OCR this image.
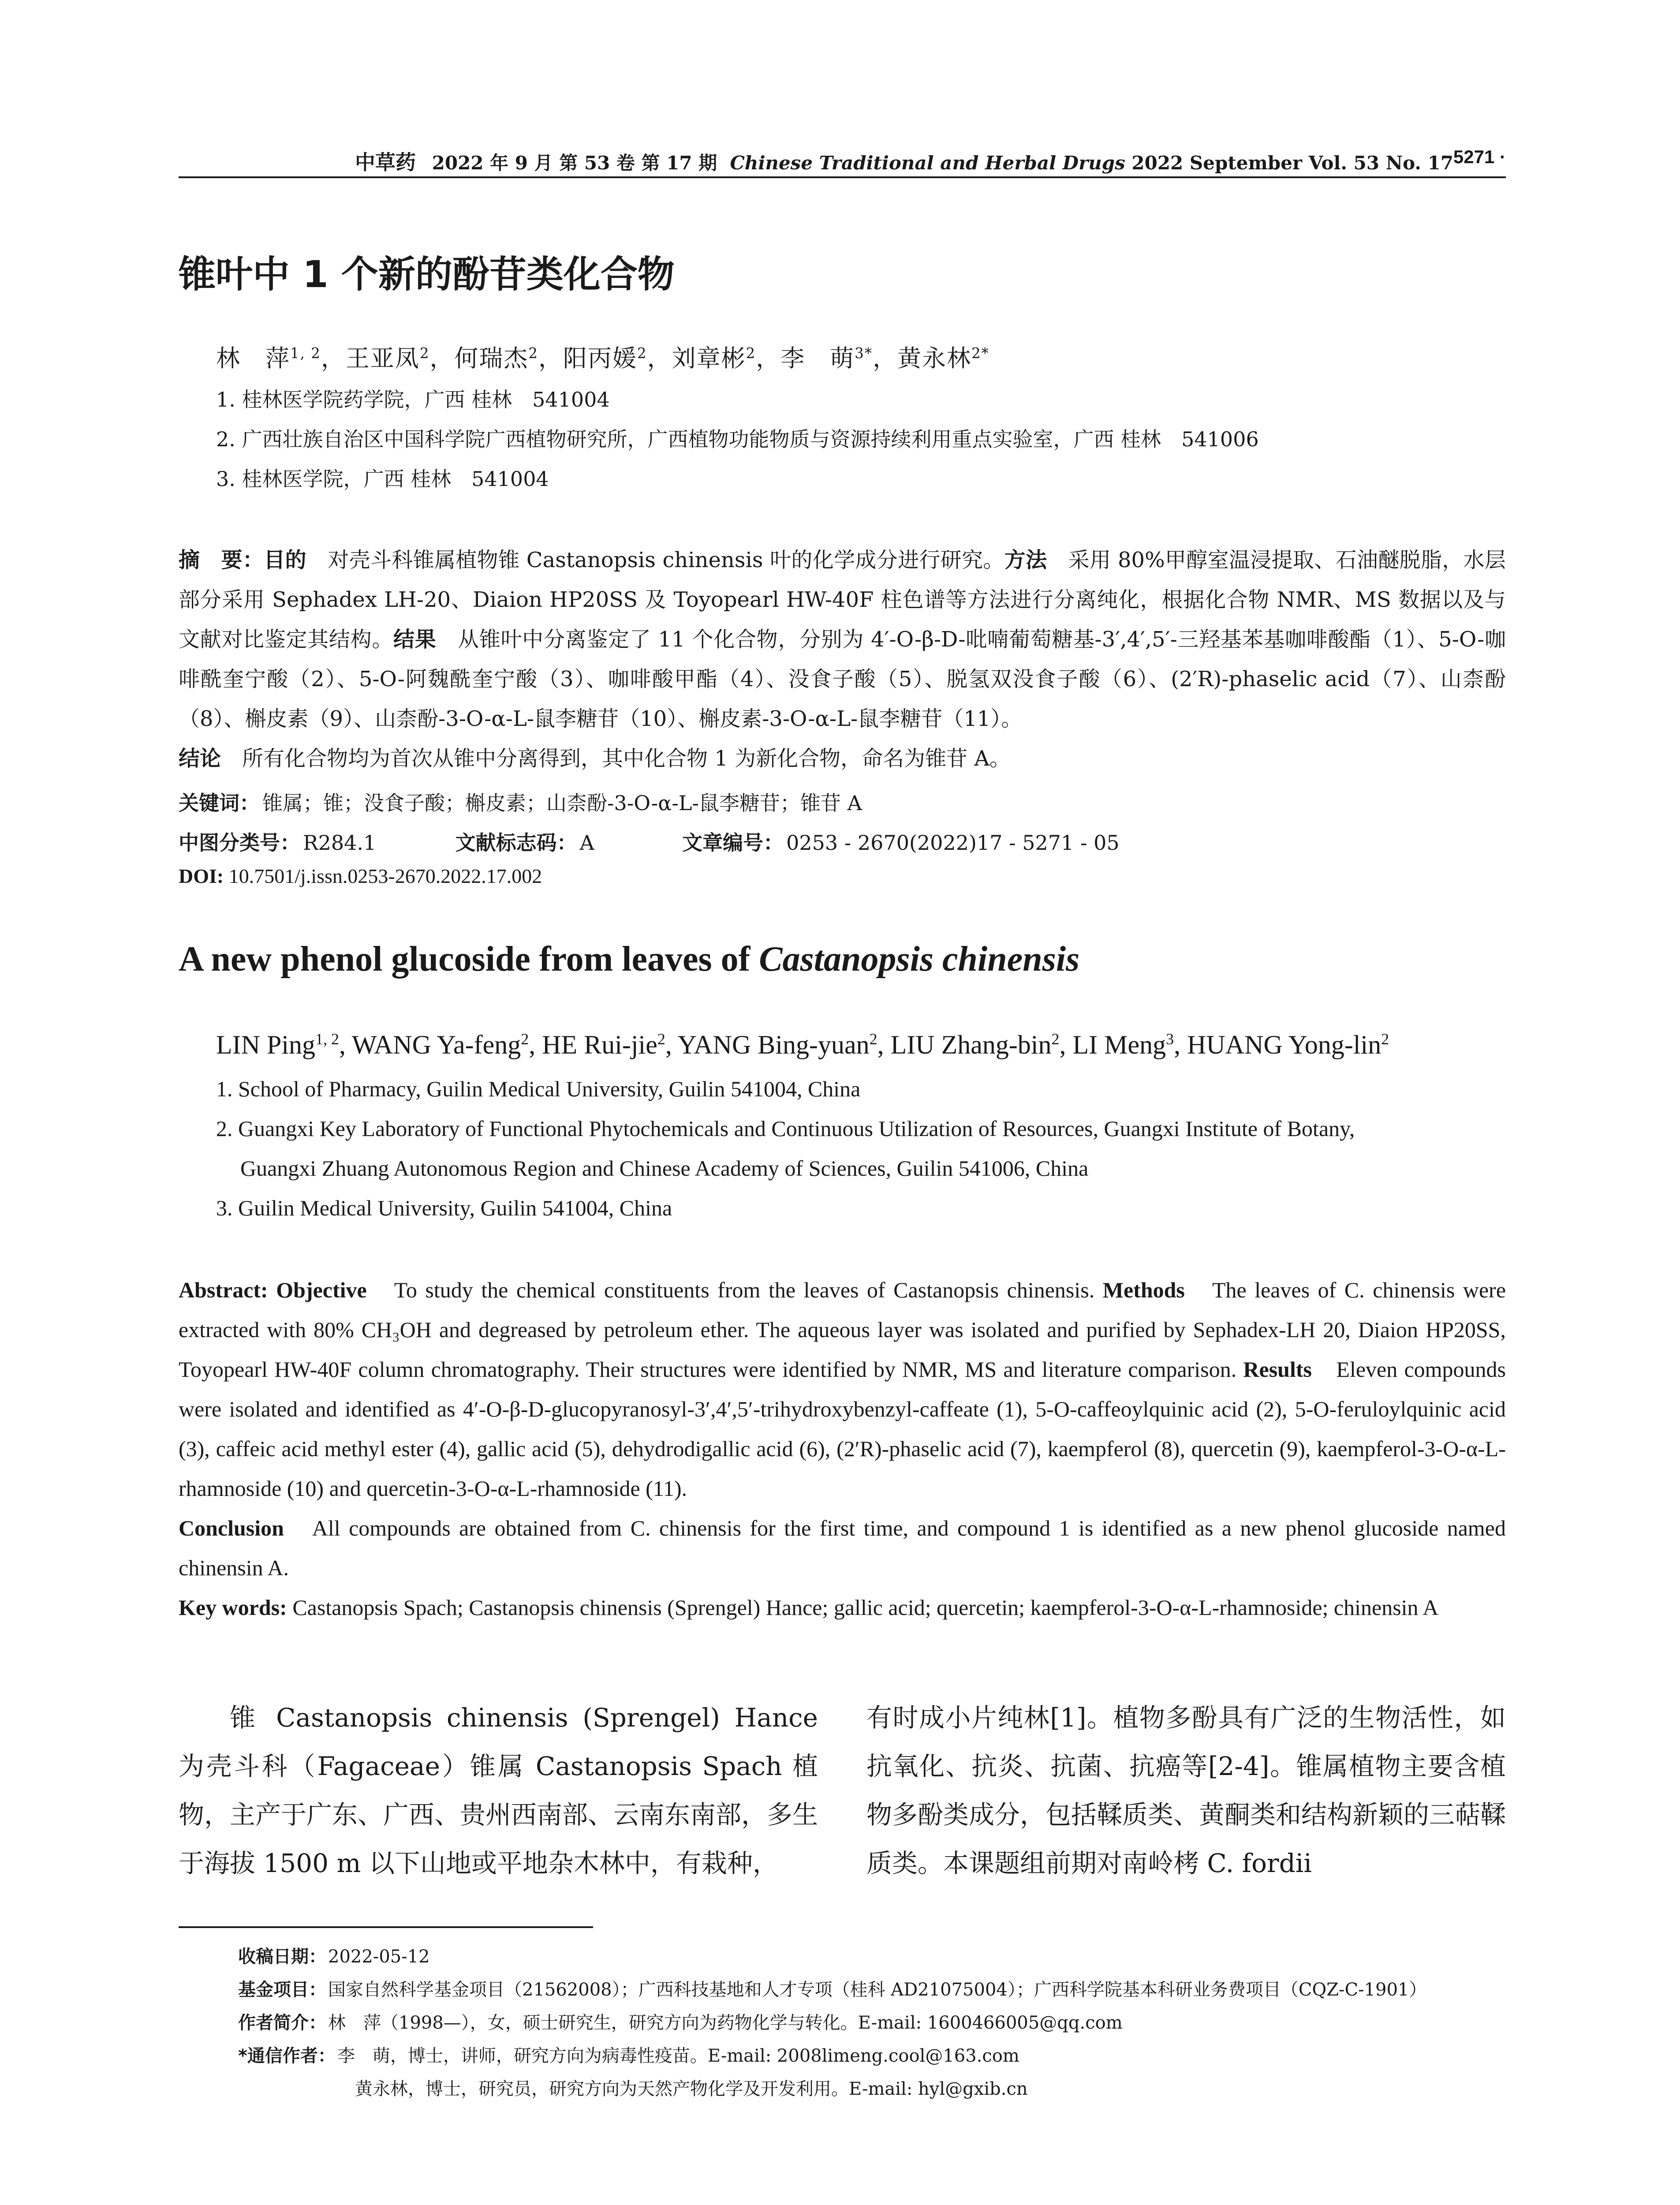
中草药 2022 年 9 月 第 53 卷 第 17 期 Chinese Traditional and Herbal Drugs 2022 September Vol. 53 No. 17
· 5271 ·
锥叶中 1 个新的酚苷类化合物
林　萍$^{1, 2}$，王亚凤$^2$，何瑞杰$^2$，阳丙媛$^2$，刘章彬$^2$，李　萌$^{3*}$，黄永林$^{2*}$
1. 桂林医学院药学院，广西 桂林　541004
2. 广西壮族自治区中国科学院广西植物研究所，广西植物功能物质与资源持续利用重点实验室，广西 桂林　541006
3. 桂林医学院，广西 桂林　541004

摘　要：目的　对壳斗科锥属植物锥 Castanopsis chinensis 叶的化学成分进行研究。方法　采用 80%甲醇室温浸提取、石油醚脱脂，水层部分采用 Sephadex LH-20、Diaion HP20SS 及 Toyopearl HW-40F 柱色谱等方法进行分离纯化，根据化合物 NMR、MS 数据以及与文献对比鉴定其结构。结果　从锥叶中分离鉴定了 11 个化合物，分别为 4′-O-β-D-吡喃葡萄糖基-3′,4′,5′-三羟基苯基咖啡酸酯（1）、5-O-咖啡酰奎宁酸（2）、5-O-阿魏酰奎宁酸（3）、咖啡酸甲酯（4）、没食子酸（5）、脱氢双没食子酸（6）、(2′R)-phaselic acid（7）、山柰酚（8）、槲皮素（9）、山柰酚-3-O-α-L-鼠李糖苷（10）、槲皮素-3-O-α-L-鼠李糖苷（11）。

结论　所有化合物均为首次从锥中分离得到，其中化合物 1 为新化合物，命名为锥苷 A。

关键词： 锥属；锥；没食子酸；槲皮素；山柰酚-3-O-α-L-鼠李糖苷；锥苷 A
中图分类号： R284.1	文献标志码： A	文章编号： 0253 - 2670(2022)17 - 5271 - 05
DOI: 10.7501/j.issn.0253-2670.2022.17.002
A new phenol glucoside from leaves of Castanopsis chinensis
LIN Ping$^{1, 2}$, WANG Ya-feng$^2$, HE Rui-jie$^2$, YANG Bing-yuan$^2$, LIU Zhang-bin$^2$, LI Meng$^3$, HUANG Yong-lin$^2$
1. School of Pharmacy, Guilin Medical University, Guilin 541004, China
2. Guangxi Key Laboratory of Functional Phytochemicals and Continuous Utilization of Resources, Guangxi Institute of Botany,
Guangxi Zhuang Autonomous Region and Chinese Academy of Sciences, Guilin 541006, China
3. Guilin Medical University, Guilin 541004, China

Abstract: Objective　To study the chemical constituents from the leaves of Castanopsis chinensis. Methods　The leaves of C. chinensis were extracted with 80% CH₃OH and degreased by petroleum ether. The aqueous layer was isolated and purified by Sephadex-LH 20, Diaion HP20SS, Toyopearl HW-40F column chromatography. Their structures were identified by NMR, MS and literature comparison. Results　Eleven compounds were isolated and identified as 4′-O-β-D-glucopyranosyl-3′,4′,5′-trihydroxybenzyl-caffeate (1), 5-O-caffeoylquinic acid (2), 5-O-feruloylquinic acid (3), caffeic acid methyl ester (4), gallic acid (5), dehydrodigallic acid (6), (2′R)-phaselic acid (7), kaempferol (8), quercetin (9), kaempferol-3-O-α-L-rhamnoside (10) and quercetin-3-O-α-L-rhamnoside (11).
Conclusion　All compounds are obtained from C. chinensis for the first time, and compound 1 is identified as a new phenol glucoside named chinensin A.

Key words: Castanopsis Spach; Castanopsis chinensis (Sprengel) Hance; gallic acid; quercetin; kaempferol-3-O-α-L-rhamnoside; chinensin A

锥 Castanopsis chinensis (Sprengel) Hance 为壳斗科（Fagaceae）锥属 Castanopsis Spach 植物，主产于广东、广西、贵州西南部、云南东南部，多生于海拔 1500 m 以下山地或平地杂木林中，有栽种，

有时成小片纯林[1]。植物多酚具有广泛的生物活性，如抗氧化、抗炎、抗菌、抗癌等[2-4]。锥属植物主要含植物多酚类成分，包括鞣质类、黄酮类和结构新颖的三萜鞣质类。本课题组前期对南岭栲 C. fordii

收稿日期： 2022-05-12
基金项目： 国家自然科学基金项目（21562008）；广西科技基地和人才专项（桂科 AD21075004）；广西科学院基本科研业务费项目（CQZ-C-1901）
作者简介： 林　萍（1998—），女，硕士研究生，研究方向为药物化学与转化。E-mail: 1600466005@qq.com
*通信作者： 李　萌，博士，讲师，研究方向为病毒性疫苗。E-mail: 2008limeng.cool@163.com
黄永林，博士，研究员，研究方向为天然产物化学及开发利用。E-mail: hyl@gxib.cn
